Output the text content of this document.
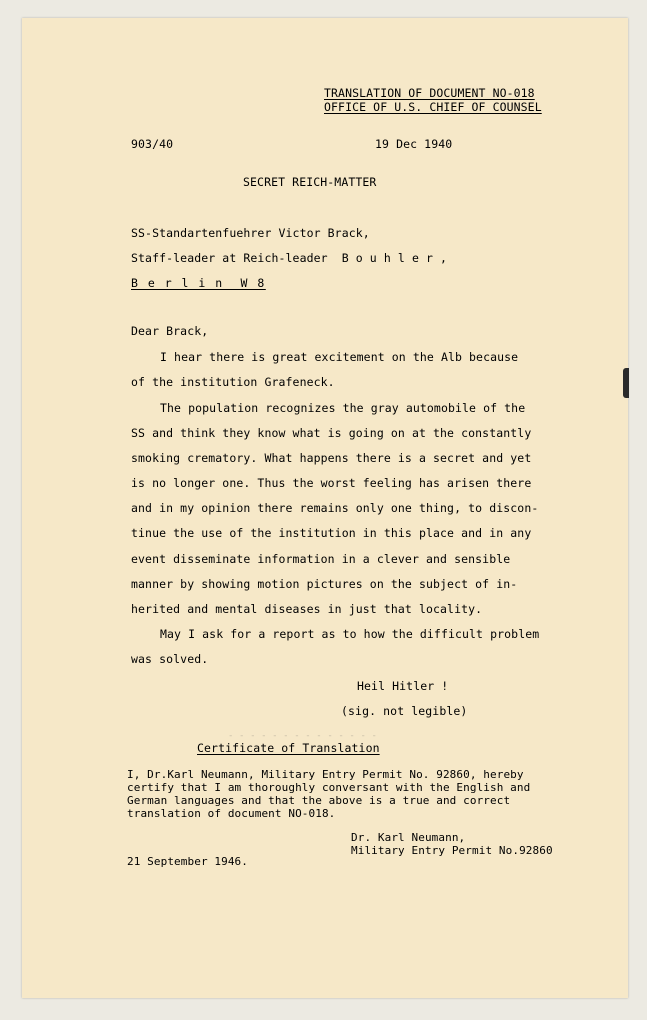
TRANSLATION OF DOCUMENT NO-018
OFFICE OF U.S. CHIEF OF COUNSEL
903/40	19 Dec 1940
SECRET REICH-MATTER
SS-Standartenfuehrer Victor Brack,
Staff-leader at Reich-leader  B o u h l e r ,
B e r l i n  W 8
Dear Brack,
I hear there is great excitement on the Alb because
of the institution Grafeneck.
The population recognizes the gray automobile of the
SS and think they know what is going on at the constantly
smoking crematory. What happens there is a secret and yet
is no longer one. Thus the worst feeling has arisen there
and in my opinion there remains only one thing, to discon-
tinue the use of the institution in this place and in any
event disseminate information in a clever and sensible
manner by showing motion pictures on the subject of in-
herited and mental diseases in just that locality.
May I ask for a report as to how the difficult problem
was solved.
Heil Hitler !
(sig. not legible)
- - - - - - - - - - - - - -
Certificate of Translation
I, Dr.Karl Neumann, Military Entry Permit No. 92860, hereby
certify that I am thoroughly conversant with the English and
German languages and that the above is a true and correct
translation of document NO-018.
Dr. Karl Neumann,
Military Entry Permit No.92860
21 September 1946.
